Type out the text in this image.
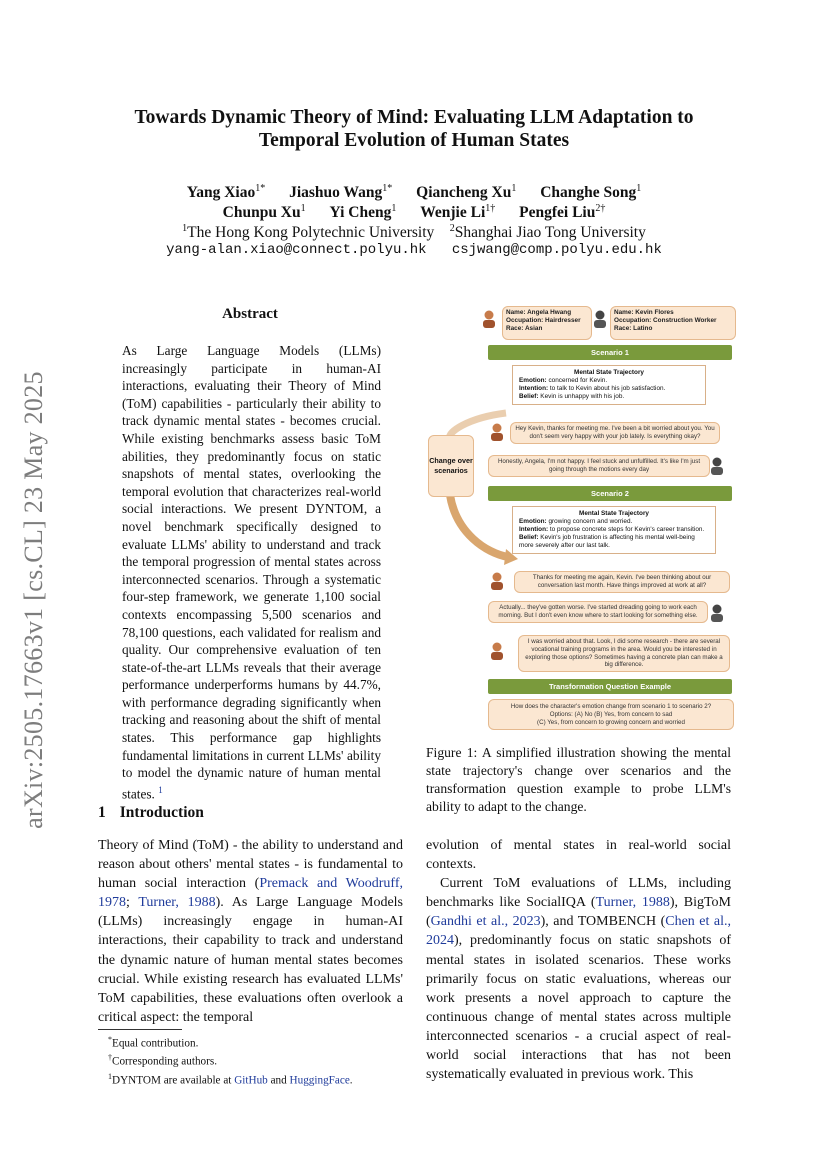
arXiv:2505.17663v1 [cs.CL] 23 May 2025
Towards Dynamic Theory of Mind: Evaluating LLM Adaptation to
Temporal Evolution of Human States
Yang Xiao$^{1*}$ Jiashuo Wang$^{1*}$ Qiancheng Xu$^1$ Changhe Song$^1$
Chunpu Xu$^1$ Yi Cheng$^1$ Wenjie $Li^{1\dagger}$ Pengfei Liu$^{2\dagger}$
$^1$The Hong Kong Polytechnic University $^2$Shanghai Jiao Tong University
yang-alan.xiao@connect.polyu.hk csjwang@comp.polyu.edu.hk
Abstract
As Large Language Models (LLMs) increasingly participate in human-AI interactions, evaluating their Theory of Mind (ToM) capabilities - particularly their ability to track dynamic mental states - becomes crucial. While existing benchmarks assess basic ToM abilities, they predominantly focus on static snapshots of mental states, overlooking the temporal evolution that characterizes real-world social interactions. We present DYNTOM, a novel benchmark specifically designed to evaluate LLMs' ability to understand and track the temporal progression of mental states across interconnected scenarios. Through a systematic four-step framework, we generate 1,100 social contexts encompassing 5,500 scenarios and 78,100 questions, each validated for realism and quality. Our comprehensive evaluation of ten state-of-the-art LLMs reveals that their average performance underperforms humans by 44.7%, with performance degrading significantly when tracking and reasoning about the shift of mental states. This performance gap highlights fundamental limitations in current LLMs' ability to model the dynamic nature of human mental states. $^1$
1 Introduction
Theory of Mind (ToM) - the ability to understand and reason about others' mental states - is fundamental to human social interaction (Premack and Woodruff, 1978; Turner, 1988). As Large Language Models (LLMs) increasingly engage in human-AI interactions, their capability to track and understand the dynamic nature of human mental states becomes crucial. While existing research has evaluated LLMs' ToM capabilities, these evaluations often overlook a critical aspect: the temporal
*Equal contribution.
†Corresponding authors.
$^1$DYNTOM are available at GitHub and HuggingFace.

evolution of mental states in real-world social contexts.

Current ToM evaluations of LLMs, including benchmarks like SocialIQA (Turner, 1988), BigToM (Gandhi et al., 2023), and TOMBENCH (Chen et al., 2024), predominantly focus on static snapshots of mental states in isolated scenarios. These works primarily focus on static evaluations, whereas our work presents a novel approach to capture the continuous change of mental states across multiple interconnected scenarios - a crucial aspect of real-world social interactions that has not been systematically evaluated in previous work. This

Name: Angela Hwang
Occupation: Hairdresser
Race: Asian
Name: Kevin Flores
Occupation: Construction Worker
Race: Latino
Change over scenarios
Scenario 1
Mental State Trajectory
Emotion: concerned for Kevin.
Intention: to talk to Kevin about his job satisfaction.
Belief: Kevin is unhappy with his job.
Hey Kevin, thanks for meeting me. I've been a bit worried about you. You don't seem very happy with your job lately. Is everything okay?
Honestly, Angela, I'm not happy. I feel stuck and unfulfilled. It's like I'm just going through the motions every day
Scenario 2
Mental State Trajectory
Emotion: growing concern and worried.
Intention: to propose concrete steps for Kevin's career transition.
Belief: Kevin's job frustration is affecting his mental well-being more severely after our last talk.
Thanks for meeting me again, Kevin. I've been thinking about our conversation last month. Have things improved at work at all?
Actually... they've gotten worse. I've started dreading going to work each morning. But I don't even know where to start looking for something else.
I was worried about that. Look, I did some research - there are several vocational training programs in the area. Would you be interested in exploring those options? Sometimes having a concrete plan can make a big difference.
Transformation Question Example
How does the character's emotion change from scenario 1 to scenario 2?
Options: (A) No (B) Yes, from concern to sad
(C) Yes, from concern to growing concern and worried
Figure 1: A simplified illustration showing the mental state trajectory's change over scenarios and the transformation question example to probe LLM's ability to adapt to the change.
